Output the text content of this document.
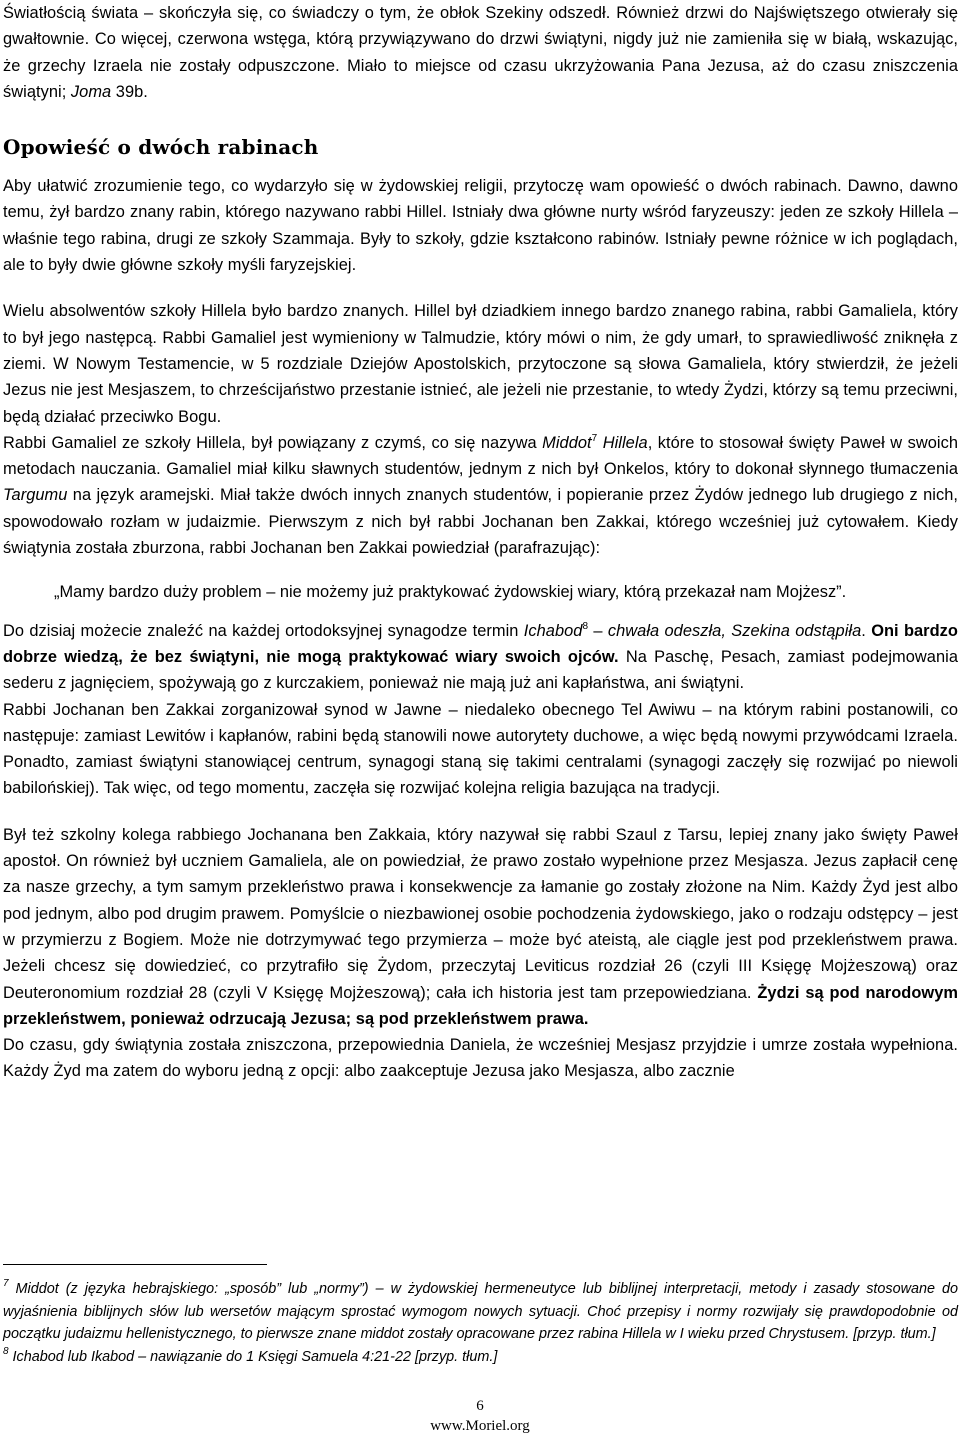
Światłością świata – skończyła się, co świadczy o tym, że obłok Szekiny odszedł. Również drzwi do Najświętszego otwierały się gwałtownie. Co więcej, czerwona wstęga, którą przywiązywano do drzwi świątyni, nigdy już nie zamieniła się w białą, wskazując, że grzechy Izraela nie zostały odpuszczone. Miało to miejsce od czasu ukrzyżowania Pana Jezusa, aż do czasu zniszczenia świątyni; Joma 39b.

Opowieść o dwóch rabinach

Aby ułatwić zrozumienie tego, co wydarzyło się w żydowskiej religii, przytoczę wam opowieść o dwóch rabinach. Dawno, dawno temu, żył bardzo znany rabin, którego nazywano rabbi Hillel. Istniały dwa główne nurty wśród faryzeuszy: jeden ze szkoły Hillela – właśnie tego rabina, drugi ze szkoły Szammaja. Były to szkoły, gdzie kształcono rabinów. Istniały pewne różnice w ich poglądach, ale to były dwie główne szkoły myśli faryzejskiej.

Wielu absolwentów szkoły Hillela było bardzo znanych. Hillel był dziadkiem innego bardzo znanego rabina, rabbi Gamaliela, który to był jego następcą. Rabbi Gamaliel jest wymieniony w Talmudzie, który mówi o nim, że gdy umarł, to sprawiedliwość zniknęła z ziemi. W Nowym Testamencie, w 5 rozdziale Dziejów Apostolskich, przytoczone są słowa Gamaliela, który stwierdził, że jeżeli Jezus nie jest Mesjaszem, to chrześcijaństwo przestanie istnieć, ale jeżeli nie przestanie, to wtedy Żydzi, którzy są temu przeciwni, będą działać przeciwko Bogu.

Rabbi Gamaliel ze szkoły Hillela, był powiązany z czymś, co się nazywa Middot$^7$ Hillela, które to stosował święty Paweł w swoich metodach nauczania. Gamaliel miał kilku sławnych studentów, jednym z nich był Onkelos, który to dokonał słynnego tłumaczenia Targumu na język aramejski. Miał także dwóch innych znanych studentów, i popieranie przez Żydów jednego lub drugiego z nich, spowodowało rozłam w judaizmie. Pierwszym z nich był rabbi Jochanan ben Zakkai, którego wcześniej już cytowałem. Kiedy świątynia została zburzona, rabbi Jochanan ben Zakkai powiedział (parafrazując):

„Mamy bardzo duży problem – nie możemy już praktykować żydowskiej wiary, którą przekazał nam Mojżesz”.

Do dzisiaj możecie znaleźć na każdej ortodoksyjnej synagodze termin Ichabod$^8$ – chwała odeszła, Szekina odstąpiła. Oni bardzo dobrze wiedzą, że bez świątyni, nie mogą praktykować wiary swoich ojców. Na Paschę, Pesach, zamiast podejmowania sederu z jagnięciem, spożywają go z kurczakiem, ponieważ nie mają już ani kapłaństwa, ani świątyni.

Rabbi Jochanan ben Zakkai zorganizował synod w Jawne – niedaleko obecnego Tel Awiwu – na którym rabini postanowili, co następuje: zamiast Lewitów i kapłanów, rabini będą stanowili nowe autorytety duchowe, a więc będą nowymi przywódcami Izraela. Ponadto, zamiast świątyni stanowiącej centrum, synagogi staną się takimi centralami (synagogi zaczęły się rozwijać po niewoli babilońskiej). Tak więc, od tego momentu, zaczęła się rozwijać kolejna religia bazująca na tradycji.

Był też szkolny kolega rabbiego Jochanana ben Zakkaia, który nazywał się rabbi Szaul z Tarsu, lepiej znany jako święty Paweł apostoł. On również był uczniem Gamaliela, ale on powiedział, że prawo zostało wypełnione przez Mesjasza. Jezus zapłacił cenę za nasze grzechy, a tym samym przekleństwo prawa i konsekwencje za łamanie go zostały złożone na Nim. Każdy Żyd jest albo pod jednym, albo pod drugim prawem. Pomyślcie o niezbawionej osobie pochodzenia żydowskiego, jako o rodzaju odstępcy – jest w przymierzu z Bogiem. Może nie dotrzymywać tego przymierza – może być ateistą, ale ciągle jest pod przekleństwem prawa. Jeżeli chcesz się dowiedzieć, co przytrafiło się Żydom, przeczytaj Leviticus rozdział 26 (czyli III Księgę Mojżeszową) oraz Deuteronomium rozdział 28 (czyli V Księgę Mojżeszową); cała ich historia jest tam przepowiedziana. Żydzi są pod narodowym przekleństwem, ponieważ odrzucają Jezusa; są pod przekleństwem prawa.

Do czasu, gdy świątynia została zniszczona, przepowiednia Daniela, że wcześniej Mesjasz przyjdzie i umrze została wypełniona. Każdy Żyd ma zatem do wyboru jedną z opcji: albo zaakceptuje Jezusa jako Mesjasza, albo zacznie

$^7$ Middot (z języka hebrajskiego: „sposób” lub „normy”) – w żydowskiej hermeneutyce lub biblijnej interpretacji, metody i zasady stosowane do wyjaśnienia biblijnych słów lub wersetów mającym sprostać wymogom nowych sytuacji. Choć przepisy i normy rozwijały się prawdopodobnie od początku judaizmu hellenistycznego, to pierwsze znane middot zostały opracowane przez rabina Hillela w I wieku przed Chrystusem. [przyp. tłum.]

$^8$ Ichabod lub Ikabod – nawiązanie do 1 Księgi Samuela 4:21-22 [przyp. tłum.]

6
www.Moriel.org
